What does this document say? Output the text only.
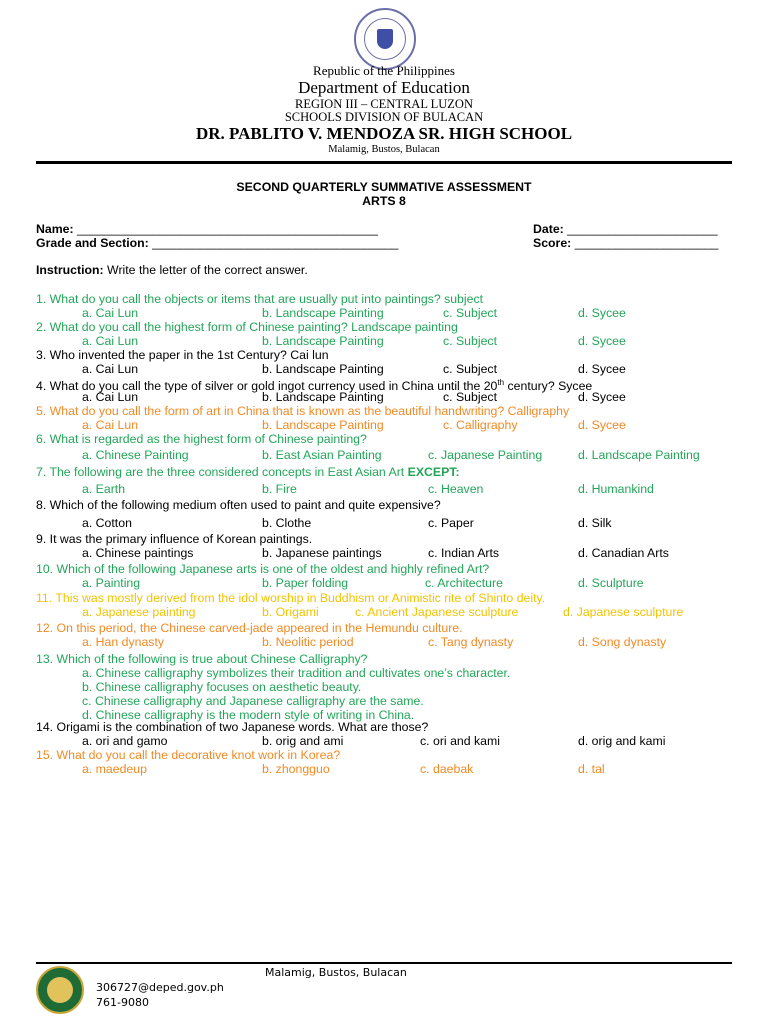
Republic of the Philippines
Department of Education
REGION III – CENTRAL LUZON
SCHOOLS DIVISION OF BULACAN
DR. PABLITO V. MENDOZA SR. HIGH SCHOOL
Malamig, Bustos, Bulacan
SECOND QUARTERLY SUMMATIVE ASSESSMENT
ARTS 8
Name: ____________________________________________	Date: ______________________
Grade and Section: ____________________________________	Score: _____________________
Instruction: Write the letter of the correct answer.
1. What do you call the objects or items that are usually put into paintings? subject
a. Cai Lun	b. Landscape Painting	c. Subject	d. Sycee
2. What do you call the highest form of Chinese painting? Landscape painting
a. Cai Lun	b. Landscape Painting	c. Subject	d. Sycee
3. Who invented the paper in the 1st Century? Cai lun
a. Cai Lun	b. Landscape Painting	c. Subject	d. Sycee
4. What do you call the type of silver or gold ingot currency used in China until the 20th century? Sycee
a. Cai Lun	b. Landscape Painting	c. Subject	d. Sycee
5. What do you call the form of art in China that is known as the beautiful handwriting? Calligraphy
a. Cai Lun	b. Landscape Painting	c. Calligraphy	d. Sycee
6. What is regarded as the highest form of Chinese painting?
a. Chinese Painting	b. East Asian Painting	c. Japanese Painting	d. Landscape Painting
7. The following are the three considered concepts in East Asian Art EXCEPT:
a. Earth	b. Fire	c. Heaven	d. Humankind
8. Which of the following medium often used to paint and quite expensive?
a. Cotton	b. Clothe	c. Paper	d. Silk
9. It was the primary influence of Korean paintings.
a. Chinese paintings	b. Japanese paintings	c. Indian Arts	d. Canadian Arts
10. Which of the following Japanese arts is one of the oldest and highly refined Art?
a. Painting	b. Paper folding	c. Architecture	d. Sculpture
11. This was mostly derived from the idol worship in Buddhism or Animistic rite of Shinto deity.
a. Japanese painting	b. Origami	c. Ancient Japanese sculpture	d. Japanese sculpture
12. On this period, the Chinese carved-jade appeared in the Hemundu culture.
a. Han dynasty	b. Neolitic period	c. Tang dynasty	d. Song dynasty
13. Which of the following is true about Chinese Calligraphy?
a. Chinese calligraphy symbolizes their tradition and cultivates one’s character.
b. Chinese calligraphy focuses on aesthetic beauty.
c. Chinese calligraphy and Japanese calligraphy are the same.
d. Chinese calligraphy is the modern style of writing in China.
14. Origami is the combination of two Japanese words. What are those?
a. ori and gamo	b. orig and ami	c. ori and kami	d. orig and kami
15. What do you call the decorative knot work in Korea?
a. maedeup	b. zhongguo	c. daebak	d. tal
Malamig, Bustos, Bulacan
306727@deped.gov.ph
761-9080
